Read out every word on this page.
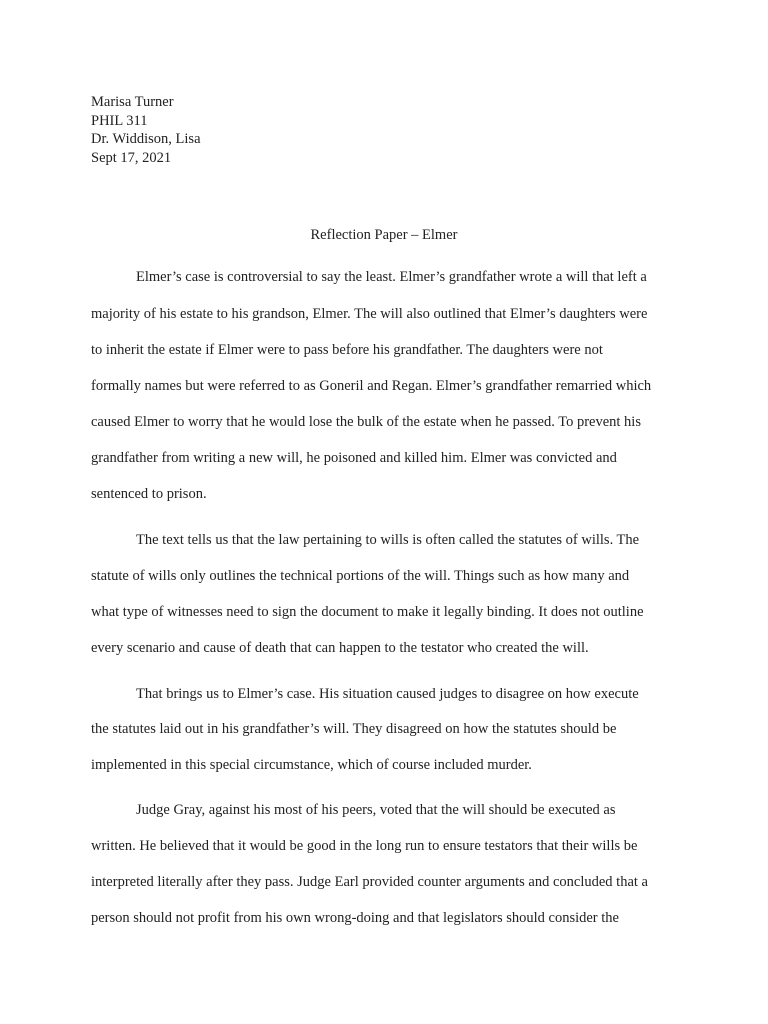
Marisa Turner
PHIL 311
Dr. Widdison, Lisa
Sept 17, 2021
Reflection Paper – Elmer
Elmer’s case is controversial to say the least. Elmer’s grandfather wrote a will that left a
majority of his estate to his grandson, Elmer. The will also outlined that Elmer’s daughters were
to inherit the estate if Elmer were to pass before his grandfather. The daughters were not
formally names but were referred to as Goneril and Regan. Elmer’s grandfather remarried which
caused Elmer to worry that he would lose the bulk of the estate when he passed. To prevent his
grandfather from writing a new will, he poisoned and killed him. Elmer was convicted and
sentenced to prison.
The text tells us that the law pertaining to wills is often called the statutes of wills. The
statute of wills only outlines the technical portions of the will. Things such as how many and
what type of witnesses need to sign the document to make it legally binding. It does not outline
every scenario and cause of death that can happen to the testator who created the will.
That brings us to Elmer’s case. His situation caused judges to disagree on how execute
the statutes laid out in his grandfather’s will. They disagreed on how the statutes should be
implemented in this special circumstance, which of course included murder.
Judge Gray, against his most of his peers, voted that the will should be executed as
written. He believed that it would be good in the long run to ensure testators that their wills be
interpreted literally after they pass. Judge Earl provided counter arguments and concluded that a
person should not profit from his own wrong-doing and that legislators should consider the
